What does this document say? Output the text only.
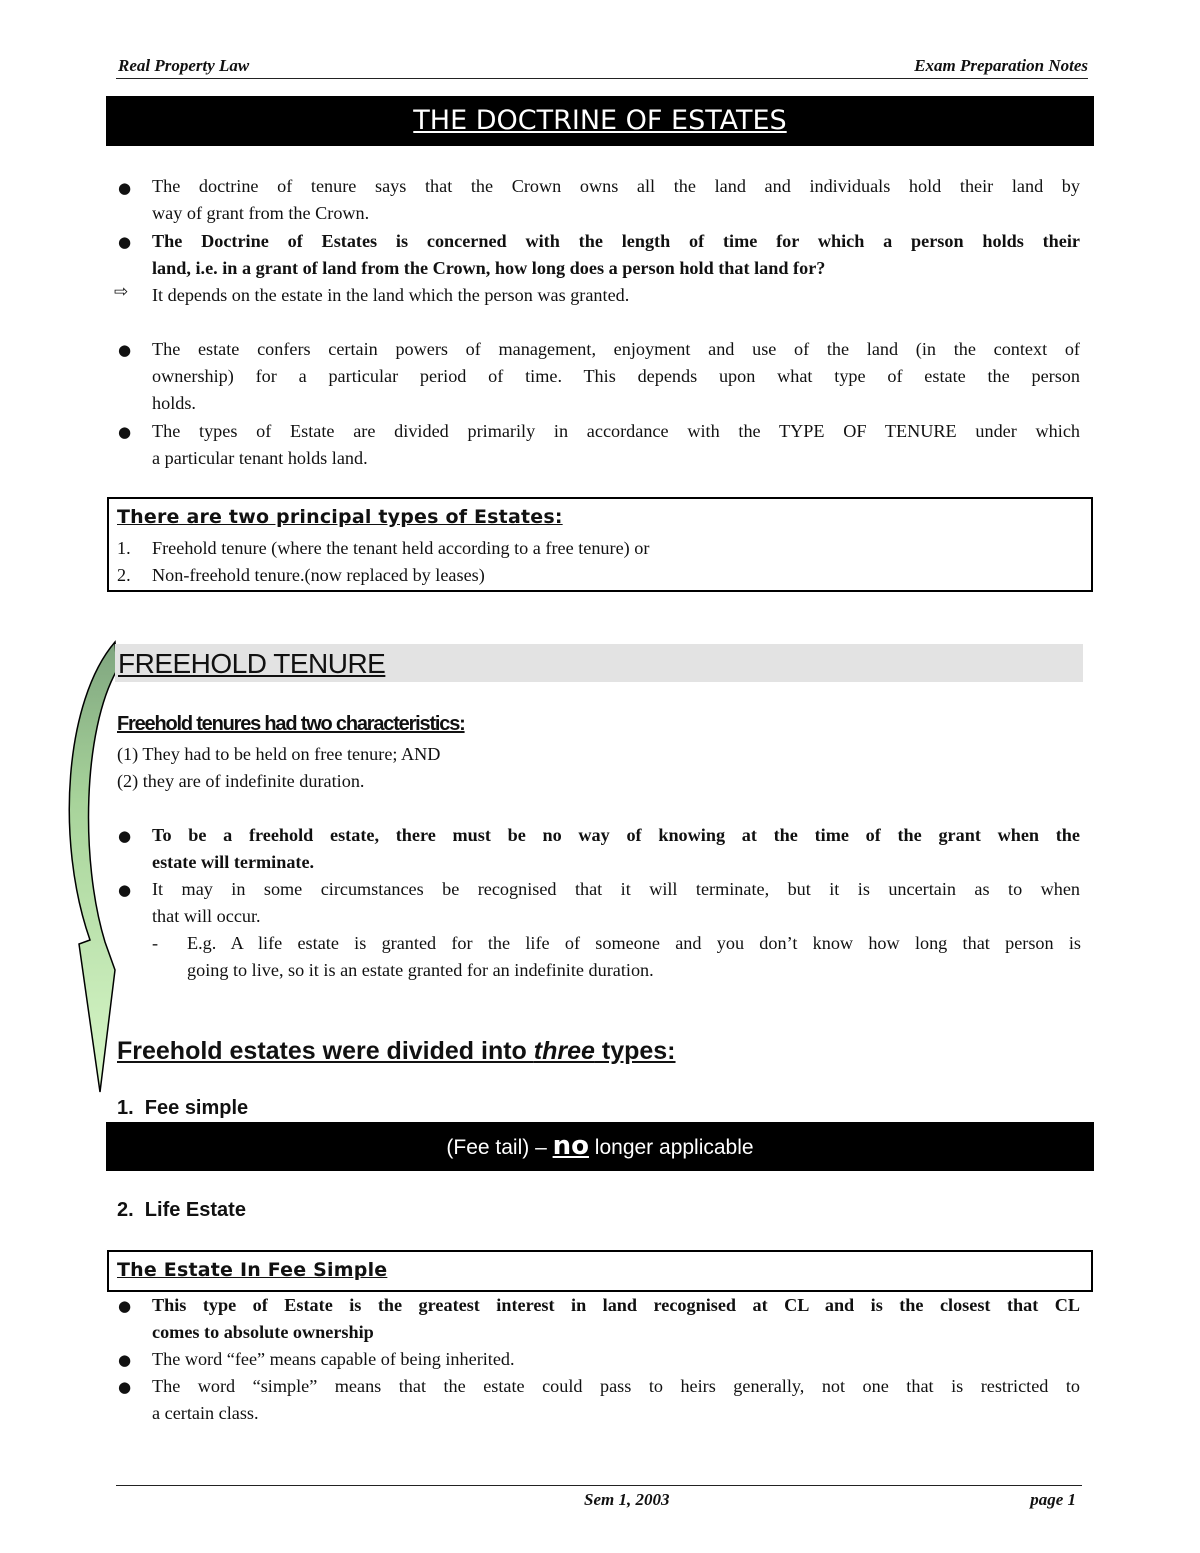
Real Property Law	Exam Preparation Notes
THE DOCTRINE OF ESTATES
● The doctrine of tenure says that the Crown owns all the land and individuals hold their land by
way of grant from the Crown.
● The Doctrine of Estates is concerned with the length of time for which a person holds their
land, i.e. in a grant of land from the Crown, how long does a person hold that land for?
⇨ It depends on the estate in the land which the person was granted.
● The estate confers certain powers of management, enjoyment and use of the land (in the context of
ownership) for a particular period of time. This depends upon what type of estate the person
holds.
● The types of Estate are divided primarily in accordance with the TYPE OF TENURE under which
a particular tenant holds land.
There are two principal types of Estates:
1. Freehold tenure (where the tenant held according to a free tenure) or
2. Non-freehold tenure.(now replaced by leases)
FREEHOLD TENURE
Freehold tenures had two characteristics:
(1) They had to be held on free tenure; AND
(2) they are of indefinite duration.
● To be a freehold estate, there must be no way of knowing at the time of the grant when the
estate will terminate.
● It may in some circumstances be recognised that it will terminate, but it is uncertain as to when
that will occur.
- E.g. A life estate is granted for the life of someone and you don’t know how long that person is
going to live, so it is an estate granted for an indefinite duration.
Freehold estates were divided into three types:
1.  Fee simple
(Fee tail) – no longer applicable
2.  Life Estate
The Estate In Fee Simple
● This type of Estate is the greatest interest in land recognised at CL and is the closest that CL
comes to absolute ownership
● The word “fee” means capable of being inherited.
● The word “simple” means that the estate could pass to heirs generally, not one that is restricted to
a certain class.
Sem 1, 2003	page 1
